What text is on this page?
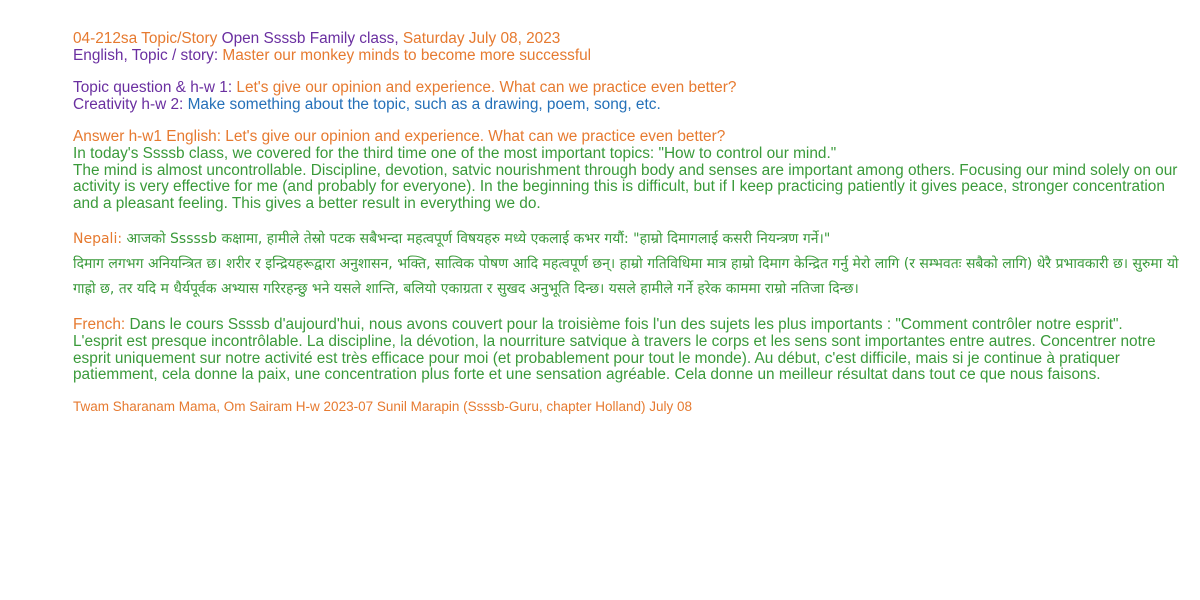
04-212sa Topic/Story Open Ssssb Family class, Saturday July 08, 2023
English, Topic / story: Master our monkey minds to become more successful
Topic question & h-w 1: Let's give our opinion and experience. What can we practice even better?
Creativity h-w 2: Make something about the topic, such as a drawing, poem, song, etc.
Answer h-w1 English: Let's give our opinion and experience. What can we practice even better?
In today's Ssssb class, we covered for the third time one of the most important topics: "How to control our mind."
The mind is almost uncontrollable. Discipline, devotion, satvic nourishment through body and senses are important among others. Focusing our mind solely on our activity is very effective for me (and probably for everyone). In the beginning this is difficult, but if I keep practicing patiently it gives peace, stronger concentration and a pleasant feeling. This gives a better result in everything we do.
Nepali: आजको Sssssb कक्षामा, हामीले तेस्रो पटक सबैभन्दा महत्वपूर्ण विषयहरु मध्ये एकलाई कभर गयौं: "हाम्रो दिमागलाई कसरी नियन्त्रण गर्ने।"
दिमाग लगभग अनियन्त्रित छ। शरीर र इन्द्रियहरूद्वारा अनुशासन, भक्ति, सात्विक पोषण आदि महत्वपूर्ण छन्। हाम्रो गतिविधिमा मात्र हाम्रो दिमाग केन्द्रित गर्नु मेरो लागि (र सम्भवतः सबैको लागि) धेरै प्रभावकारी छ। सुरुमा यो गाह्रो छ, तर यदि म धैर्यपूर्वक अभ्यास गरिरहन्छु भने यसले शान्ति, बलियो एकाग्रता र सुखद अनुभूति दिन्छ। यसले हामीले गर्ने हरेक काममा राम्रो नतिजा दिन्छ।
French: Dans le cours Ssssb d'aujourd'hui, nous avons couvert pour la troisième fois l'un des sujets les plus importants : "Comment contrôler notre esprit".
L'esprit est presque incontrôlable. La discipline, la dévotion, la nourriture satvique à travers le corps et les sens sont importantes entre autres. Concentrer notre esprit uniquement sur notre activité est très efficace pour moi (et probablement pour tout le monde). Au début, c'est difficile, mais si je continue à pratiquer patiemment, cela donne la paix, une concentration plus forte et une sensation agréable. Cela donne un meilleur résultat dans tout ce que nous faisons.
Twam Sharanam Mama, Om Sairam H-w 2023-07 Sunil Marapin (Ssssb-Guru, chapter Holland) July 08
